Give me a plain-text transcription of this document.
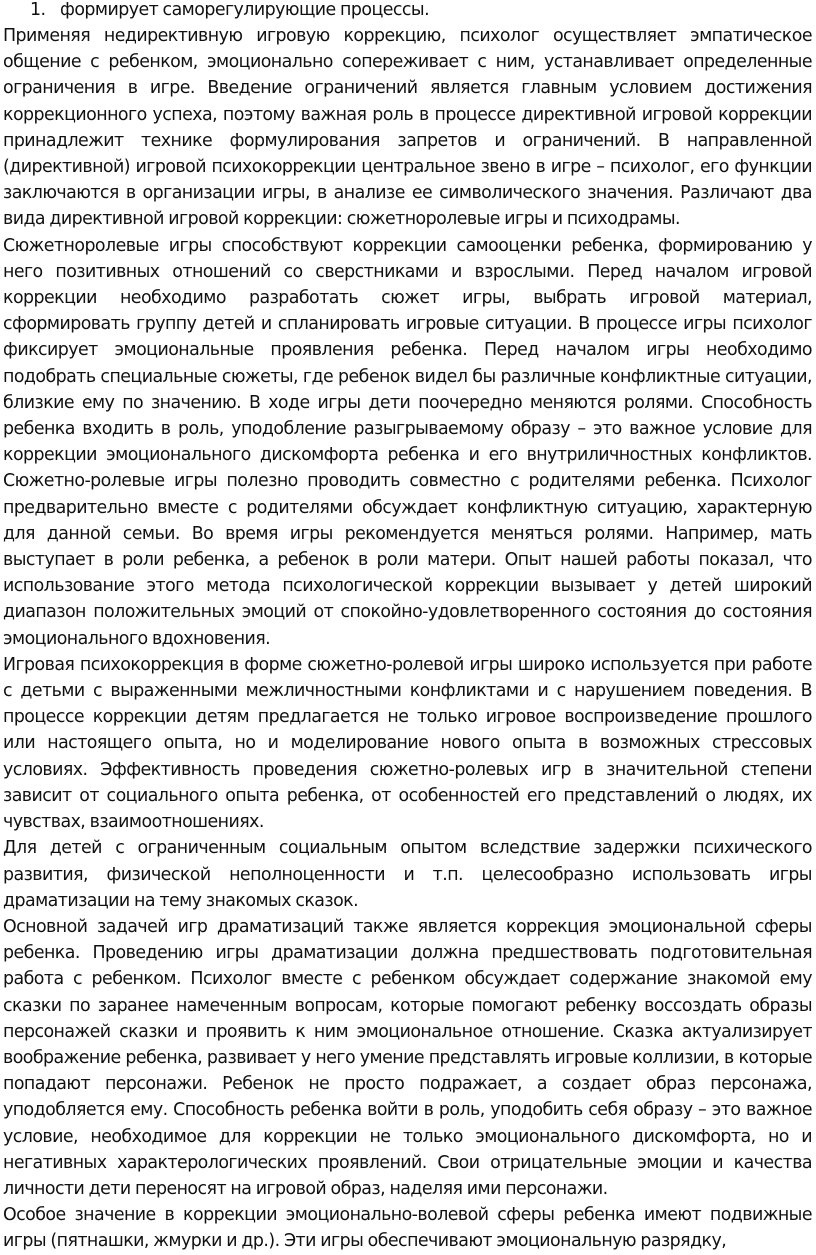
1. формирует саморегулирующие процессы.

Применяя недирективную игровую коррекцию, психолог осуществляет эмпатическое общение с ребенком, эмоционально сопереживает с ним, устанавливает определенные ограничения в игре. Введение ограничений является главным условием достижения коррекционного успеха, поэтому важная роль в процессе директивной игровой коррекции принадлежит технике формулирования запретов и ограничений. В направленной (директивной) игровой психокоррекции центральное звено в игре – психолог, его функции заключаются в организации игры, в анализе ее символического значения. Различают два вида директивной игровой коррекции: сюжетноролевые игры и психодрамы.

Сюжетноролевые игры способствуют коррекции самооценки ребенка, формированию у него позитивных отношений со сверстниками и взрослыми. Перед началом игровой коррекции необходимо разработать сюжет игры, выбрать игровой материал, сформировать группу детей и спланировать игровые ситуации. В процессе игры психолог фиксирует эмоциональные проявления ребенка. Перед началом игры необходимо подобрать специальные сюжеты, где ребенок видел бы различные конфликтные ситуации, близкие ему по значению. В ходе игры дети поочередно меняются ролями. Способность ребенка входить в роль, уподобление разыгрываемому образу – это важное условие для коррекции эмоционального дискомфорта ребенка и его внутриличностных конфликтов. Сюжетно-ролевые игры полезно проводить совместно с родителями ребенка. Психолог предварительно вместе с родителями обсуждает конфликтную ситуацию, характерную для данной семьи. Во время игры рекомендуется меняться ролями. Например, мать выступает в роли ребенка, а ребенок в роли матери. Опыт нашей работы показал, что использование этого метода психологической коррекции вызывает у детей широкий диапазон положительных эмоций от спокойно-удовлетворенного состояния до состояния эмоционального вдохновения.

Игровая психокоррекция в форме сюжетно-ролевой игры широко используется при работе с детьми с выраженными межличностными конфликтами и с нарушением поведения. В процессе коррекции детям предлагается не только игровое воспроизведение прошлого или настоящего опыта, но и моделирование нового опыта в возможных стрессовых условиях. Эффективность проведения сюжетно-ролевых игр в значительной степени зависит от социального опыта ребенка, от особенностей его представлений о людях, их чувствах, взаимоотношениях.

Для детей с ограниченным социальным опытом вследствие задержки психического развития, физической неполноценности и т.п. целесообразно использовать игры драматизации на тему знакомых сказок.

Основной задачей игр драматизаций также является коррекция эмоциональной сферы ребенка. Проведению игры драматизации должна предшествовать подготовительная работа с ребенком. Психолог вместе с ребенком обсуждает содержание знакомой ему сказки по заранее намеченным вопросам, которые помогают ребенку воссоздать образы персонажей сказки и проявить к ним эмоциональное отношение. Сказка актуализирует воображение ребенка, развивает у него умение представлять игровые коллизии, в которые попадают персонажи. Ребенок не просто подражает, а создает образ персонажа, уподобляется ему. Способность ребенка войти в роль, уподобить себя образу – это важное условие, необходимое для коррекции не только эмоционального дискомфорта, но и негативных характерологических проявлений. Свои отрицательные эмоции и качества личности дети переносят на игровой образ, наделяя ими персонажи.

Особое значение в коррекции эмоционально-волевой сферы ребенка имеют подвижные игры (пятнашки, жмурки и др.). Эти игры обеспечивают эмоциональную разрядку,
